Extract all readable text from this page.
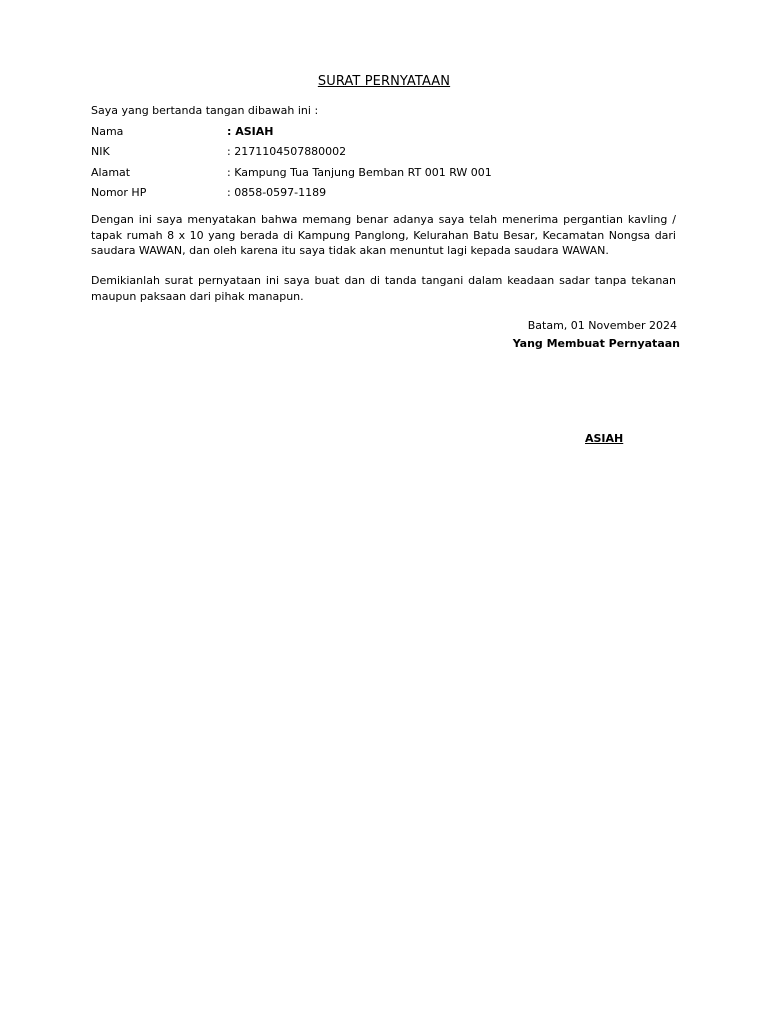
SURAT PERNYATAAN
Saya yang bertanda tangan dibawah ini :
Nama	: ASIAH
NIK	: 2171104507880002
Alamat	: Kampung Tua Tanjung Bemban RT 001 RW 001
Nomor HP	: 0858-0597-1189
Dengan ini saya menyatakan bahwa memang benar adanya saya telah menerima pergantian kavling / tapak rumah 8 x 10 yang berada di Kampung Panglong, Kelurahan Batu Besar, Kecamatan Nongsa dari saudara WAWAN, dan oleh karena itu saya tidak akan menuntut lagi kepada saudara WAWAN.
Demikianlah surat pernyataan ini saya buat dan di tanda tangani dalam keadaan sadar tanpa tekanan maupun paksaan dari pihak manapun.
Batam, 01 November 2024
Yang Membuat Pernyataan
ASIAH
